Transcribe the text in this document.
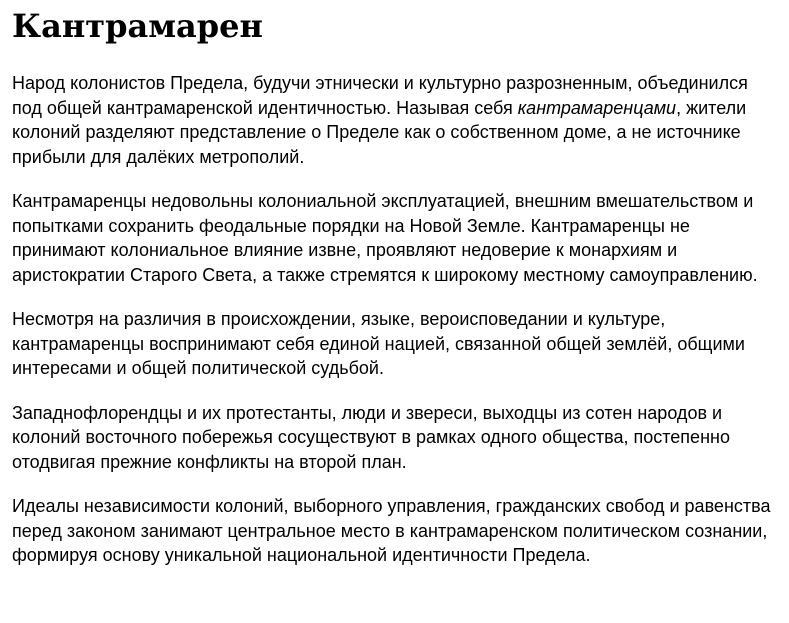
Кантрамарен

Народ колонистов Предела, будучи этнически и культурно разрозненным, объединился под общей кантрамаренской идентичностью. Называя себя кантрамаренцами, жители колоний разделяют представление о Пределе как о собственном доме, а не источнике прибыли для далёких метрополий.

Кантрамаренцы недовольны колониальной эксплуатацией, внешним вмешательством и попытками сохранить феодальные порядки на Новой Земле. Кантрамаренцы не принимают колониальное влияние извне, проявляют недоверие к монархиям и аристократии Старого Света, а также стремятся к широкому местному самоуправлению.

Несмотря на различия в происхождении, языке, вероисповедании и культуре, кантрамаренцы воспринимают себя единой нацией, связанной общей землёй, общими интересами и общей политической судьбой.

Западнофлорендцы и их протестанты, люди и звереси, выходцы из сотен народов и колоний восточного побережья сосуществуют в рамках одного общества, постепенно отодвигая прежние конфликты на второй план.

Идеалы независимости колоний, выборного управления, гражданских свобод и равенства перед законом занимают центральное место в кантрамаренском политическом сознании, формируя основу уникальной национальной идентичности Предела.
